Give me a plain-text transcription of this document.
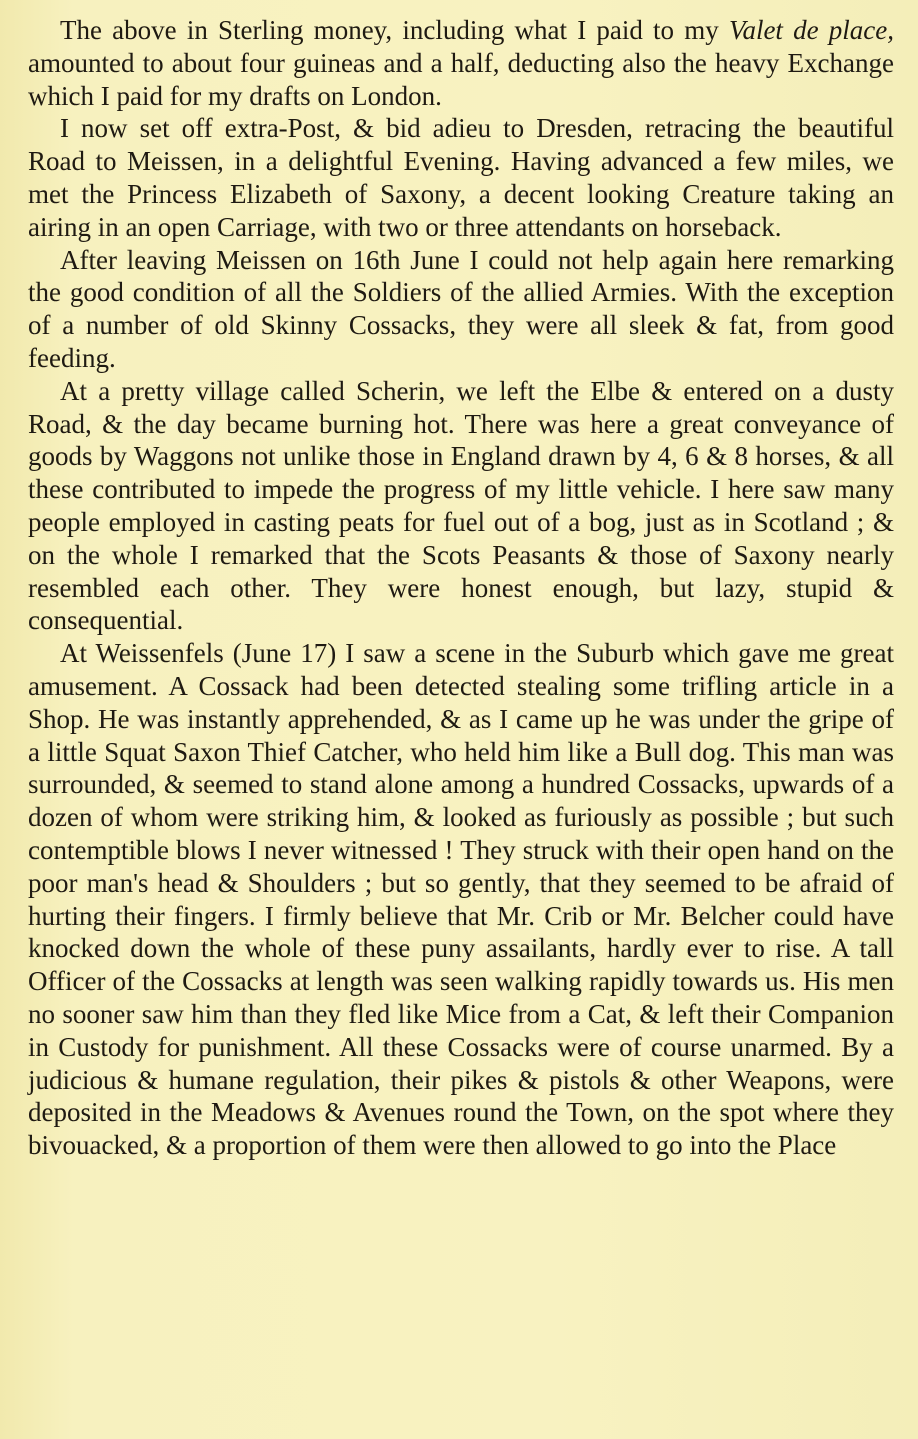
The above in Sterling money, including what I paid to my Valet de place, amounted to about four guineas and a half, deducting also the heavy Exchange which I paid for my drafts on London.

I now set off extra-Post, & bid adieu to Dresden, retracing the beautiful Road to Meissen, in a delightful Evening. Having advanced a few miles, we met the Princess Elizabeth of Saxony, a decent looking Creature taking an airing in an open Carriage, with two or three attendants on horseback.

After leaving Meissen on 16th June I could not help again here remarking the good condition of all the Soldiers of the allied Armies. With the exception of a number of old Skinny Cossacks, they were all sleek & fat, from good feeding.

At a pretty village called Scherin, we left the Elbe & entered on a dusty Road, & the day became burning hot. There was here a great conveyance of goods by Waggons not unlike those in England drawn by 4, 6 & 8 horses, & all these contributed to impede the progress of my little vehicle. I here saw many people employed in casting peats for fuel out of a bog, just as in Scotland ; & on the whole I remarked that the Scots Peasants & those of Saxony nearly resembled each other. They were honest enough, but lazy, stupid & consequential.

At Weissenfels (June 17) I saw a scene in the Suburb which gave me great amusement. A Cossack had been detected stealing some trifling article in a Shop. He was instantly apprehended, & as I came up he was under the gripe of a little Squat Saxon Thief Catcher, who held him like a Bull dog. This man was surrounded, & seemed to stand alone among a hundred Cossacks, upwards of a dozen of whom were striking him, & looked as furiously as possible ; but such contemptible blows I never witnessed ! They struck with their open hand on the poor man's head & Shoulders ; but so gently, that they seemed to be afraid of hurting their fingers. I firmly believe that Mr. Crib or Mr. Belcher could have knocked down the whole of these puny assailants, hardly ever to rise. A tall Officer of the Cossacks at length was seen walking rapidly towards us. His men no sooner saw him than they fled like Mice from a Cat, & left their Companion in Custody for punishment. All these Cossacks were of course unarmed. By a judicious & humane regulation, their pikes & pistols & other Weapons, were deposited in the Meadows & Avenues round the Town, on the spot where they bivouacked, & a proportion of them were then allowed to go into the Place
